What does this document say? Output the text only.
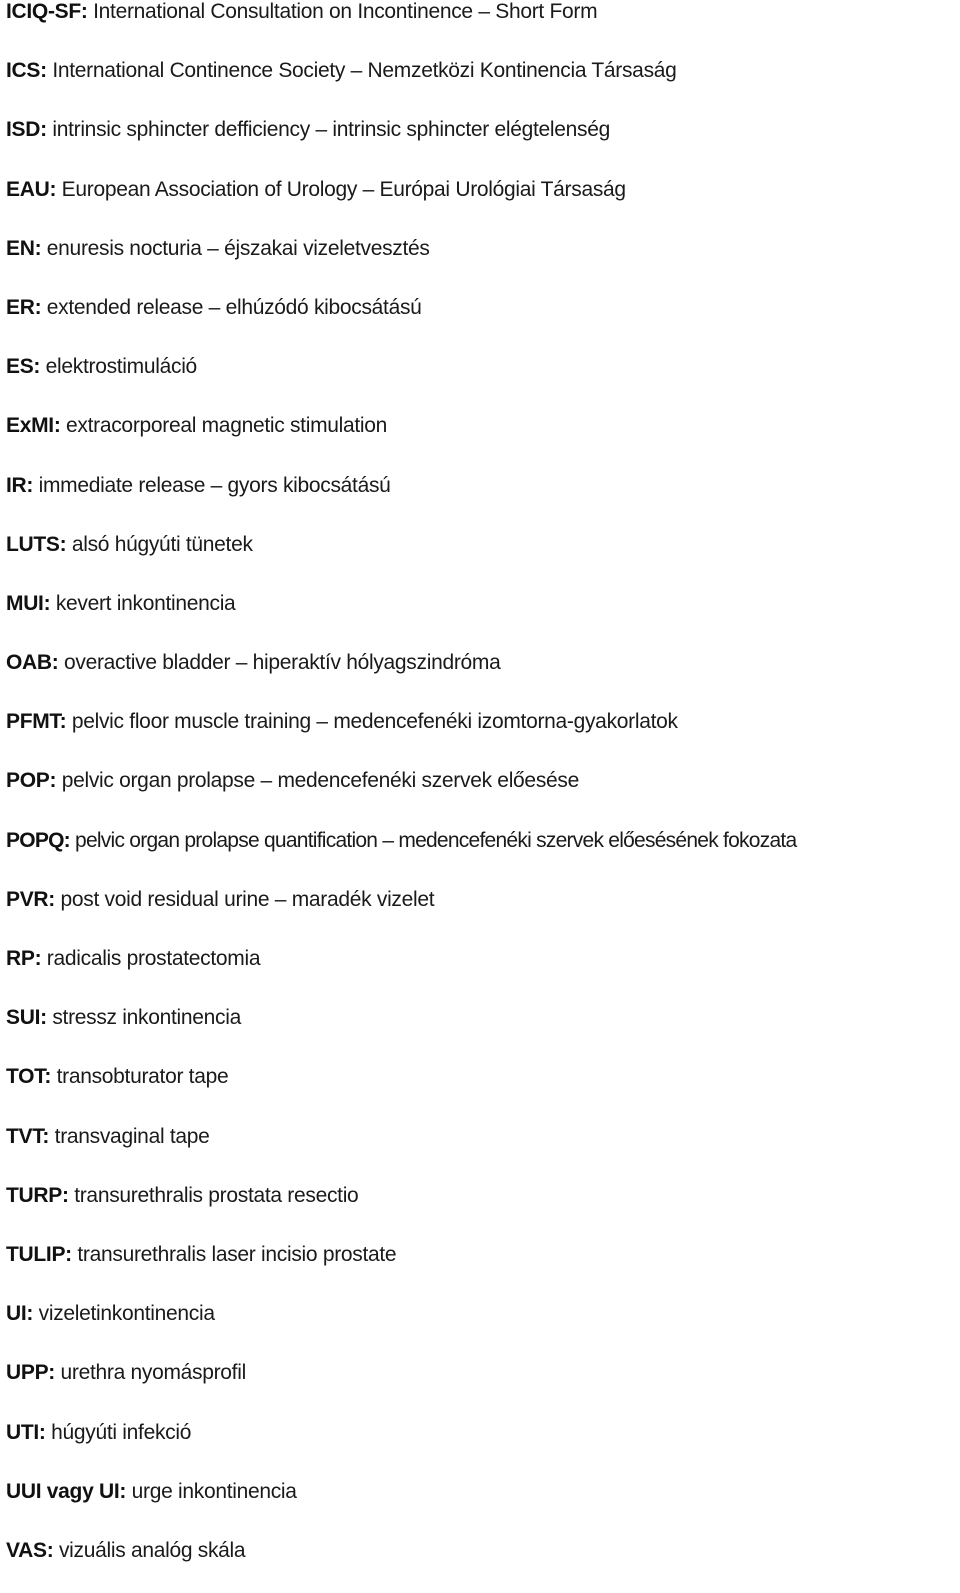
ICIQ-SF: International Consultation on Incontinence – Short Form
ICS: International Continence Society – Nemzetközi Kontinencia Társaság
ISD: intrinsic sphincter defficiency – intrinsic sphincter elégtelenség
EAU: European Association of Urology – Európai Urológiai Társaság
EN: enuresis nocturia – éjszakai vizeletvesztés
ER: extended release – elhúzódó kibocsátású
ES: elektrostimuláció
ExMI: extracorporeal magnetic stimulation
IR: immediate release – gyors kibocsátású
LUTS: alsó húgyúti tünetek
MUI: kevert inkontinencia
OAB: overactive bladder – hiperaktív hólyagszindróma
PFMT: pelvic floor muscle training – medencefenéki izomtorna-gyakorlatok
POP: pelvic organ prolapse – medencefenéki szervek előesése
POPQ: pelvic organ prolapse quantification – medencefenéki szervek előesésének fokozata
PVR: post void residual urine – maradék vizelet
RP: radicalis prostatectomia
SUI: stressz inkontinencia
TOT: transobturator tape
TVT: transvaginal tape
TURP: transurethralis prostata resectio
TULIP: transurethralis laser incisio prostate
UI: vizeletinkontinencia
UPP: urethra nyomásprofil
UTI: húgyúti infekció
UUI vagy UI: urge inkontinencia
VAS: vizuális analóg skála
